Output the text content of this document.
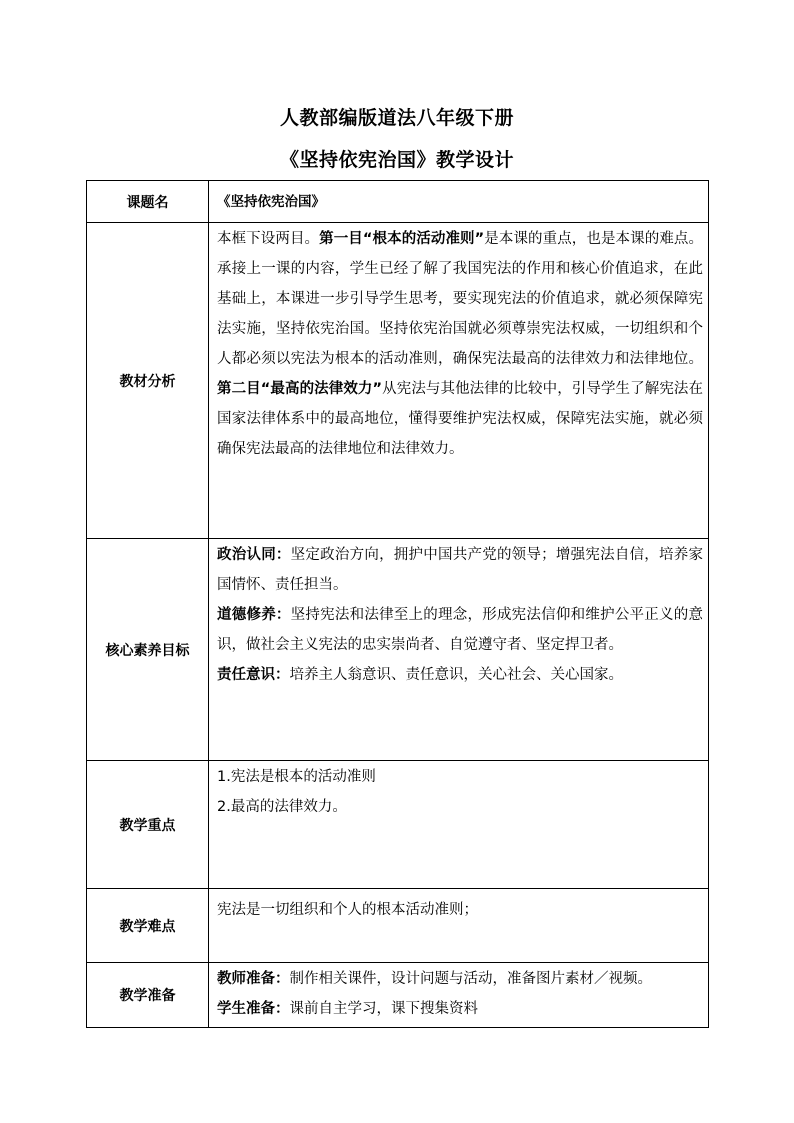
人教部编版道法八年级下册
《坚持依宪治国》教学设计
课题名	《坚持依宪治国》
教材分析	本框下设两目。第一目“根本的活动准则”是本课的重点，也是本课的难点。承接上一课的内容，学生已经了解了我国宪法的作用和核心价值追求，在此基础上，本课进一步引导学生思考，要实现宪法的价值追求，就必须保障宪法实施，坚持依宪治国。坚持依宪治国就必须尊崇宪法权威，一切组织和个人都必须以宪法为根本的活动准则，确保宪法最高的法律效力和法律地位。第二目“最高的法律效力”从宪法与其他法律的比较中，引导学生了解宪法在国家法律体系中的最高地位，懂得要维护宪法权威，保障宪法实施，就必须确保宪法最高的法律地位和法律效力。
核心素养目标	政治认同：坚定政治方向，拥护中国共产党的领导；增强宪法自信，培养家国情怀、责任担当。

道德修养：坚持宪法和法律至上的理念，形成宪法信仰和维护公平正义的意识，做社会主义宪法的忠实崇尚者、自觉遵守者、坚定捍卫者。

责任意识：培养主人翁意识、责任意识，关心社会、关心国家。

教学重点	1.宪法是根本的活动准则

2.最高的法律效力。

教学难点	宪法是一切组织和个人的根本活动准则；
教学准备	教师准备：制作相关课件，设计问题与活动，准备图片素材／视频。

学生准备：课前自主学习，课下搜集资料
